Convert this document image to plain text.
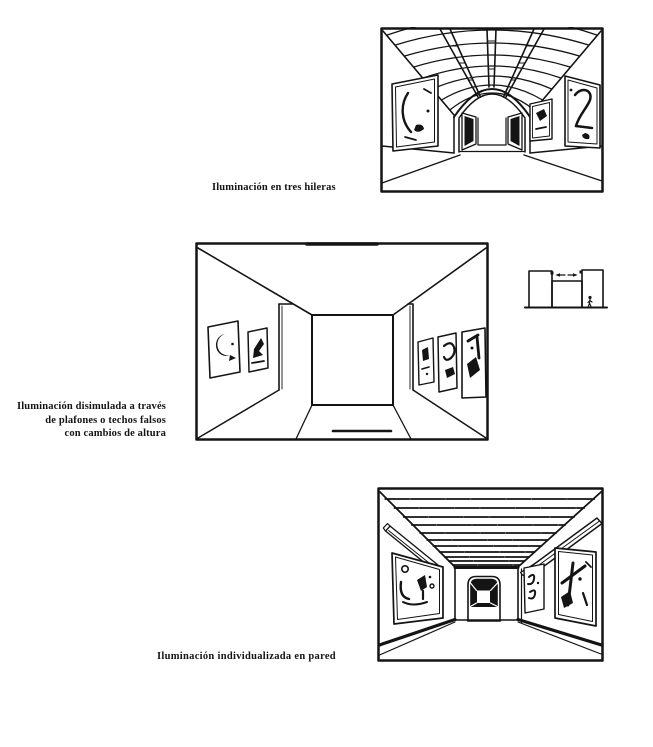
Iluminación en tres hileras
Iluminación disimulada a través
de plafones o techos falsos
con cambios de altura
Iluminación individualizada en pared
